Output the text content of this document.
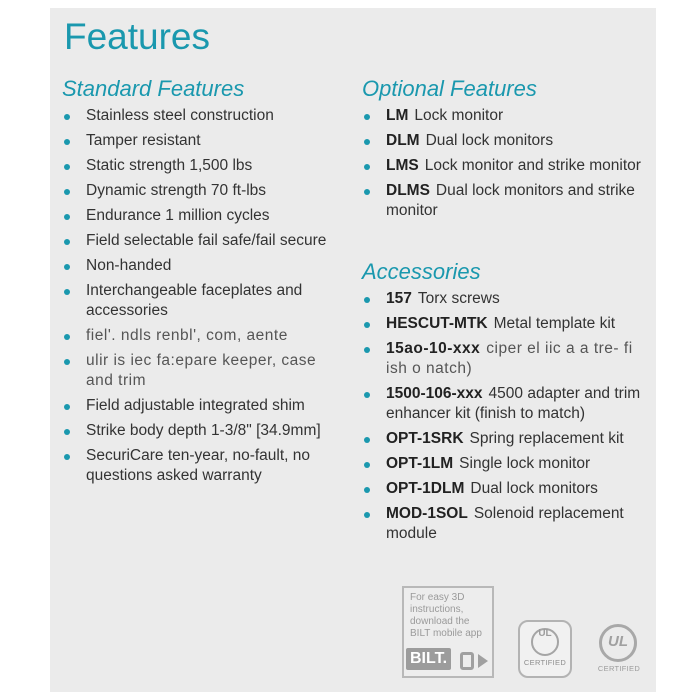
Features
Standard Features
Stainless steel construction
Tamper resistant
Static strength 1,500 lbs
Dynamic strength 70 ft-lbs
Endurance 1 million cycles
Field selectable fail safe/fail secure
Non-handed
Interchangeable faceplates and accessories
fiel'. ndls renbl', com, aente
ulir is iec fa:epare keeper, case and trim
Field adjustable integrated shim
Strike body depth 1-3/8" [34.9mm]
SecuriCare ten-year, no-fault, no questions asked warranty
Optional Features
LM Lock monitor
DLM Dual lock monitors
LMS Lock monitor and strike monitor
DLMS Dual lock monitors and strike monitor
Accessories
157 Torx screws
HESCUT-MTK Metal template kit
15ao-10-xxx ciper el iic a a tre- fi ish o natch)
1500-106-xxx 4500 adapter and trim enhancer kit (finish to match)
OPT-1SRK Spring replacement kit
OPT-1LM Single lock monitor
OPT-1DLM Dual lock monitors
MOD-1SOL Solenoid replacement module
For easy 3D instructions, download the BILT mobile app
BILT.
UL
CERTIFIED
UL
CERTIFIED
